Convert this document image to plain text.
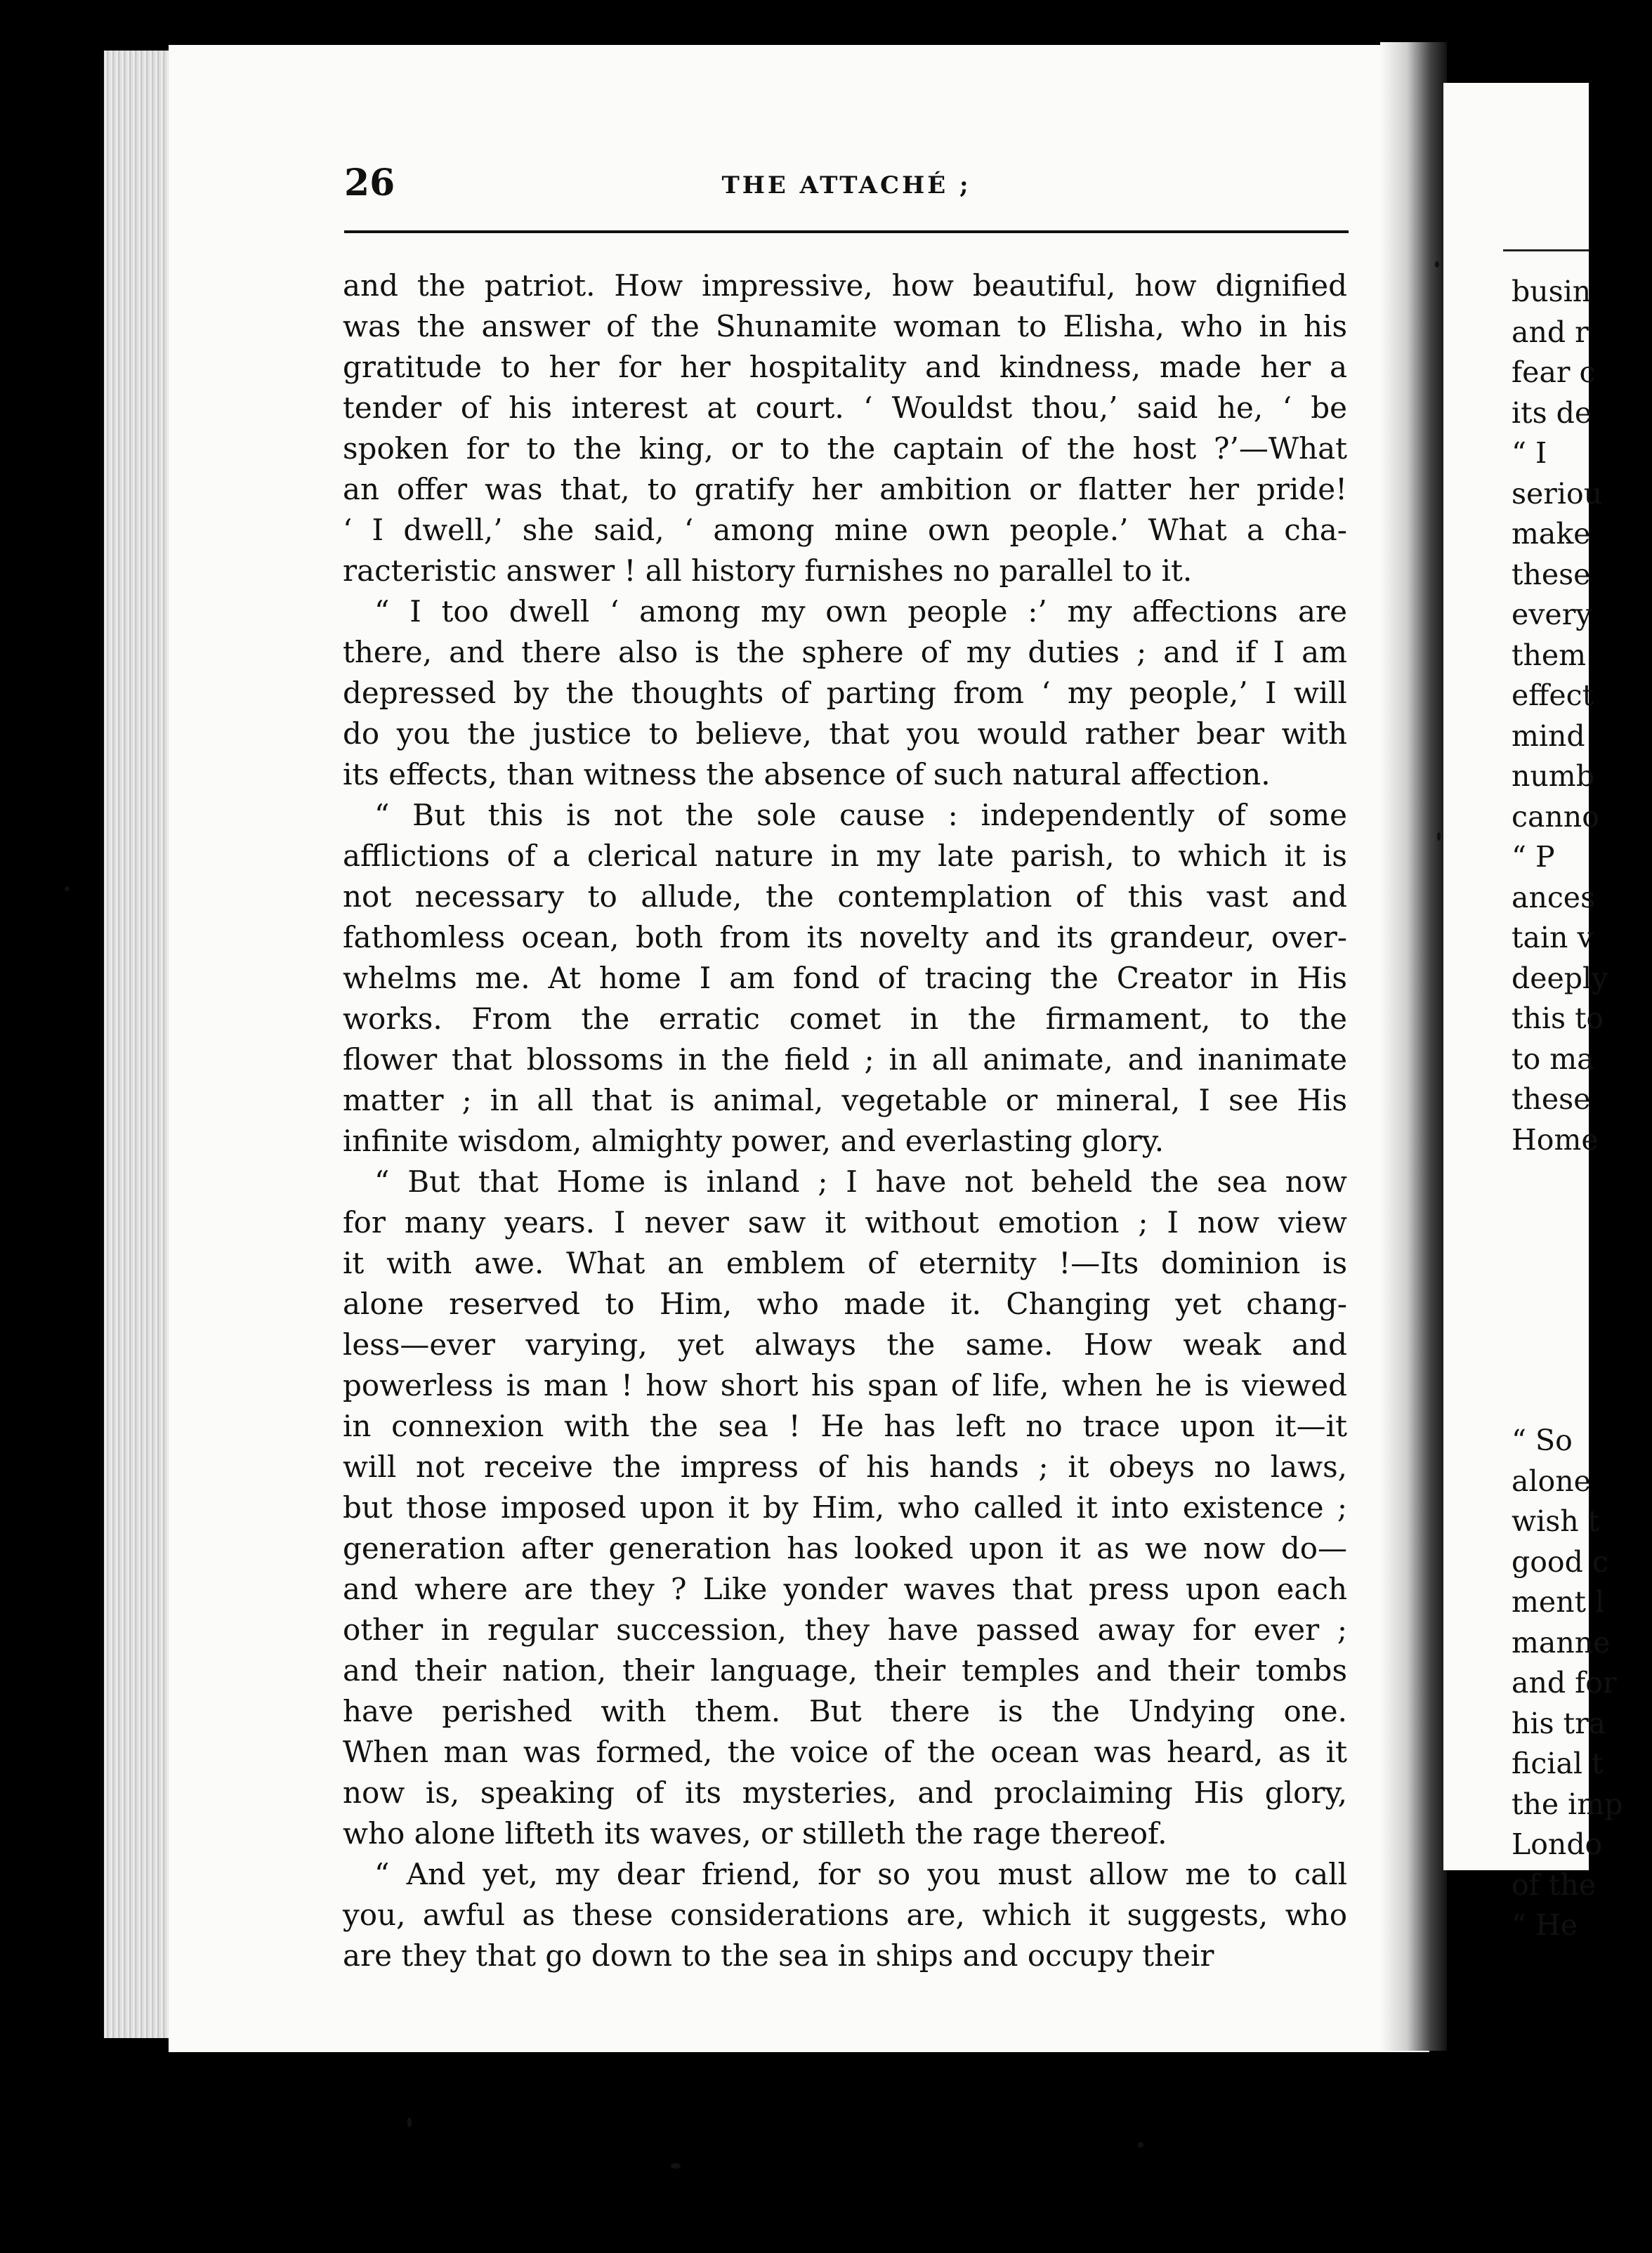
26	THE ATTACHÉ ;
and the patriot. How impressive, how beautiful, how dignified
was the answer of the Shunamite woman to Elisha, who in his
gratitude to her for her hospitality and kindness, made her a
tender of his interest at court. ‘ Wouldst thou,’ said he, ‘ be
spoken for to the king, or to the captain of the host ?’—What
an offer was that, to gratify her ambition or flatter her pride!
‘ I dwell,’ she said, ‘ among mine own people.’ What a cha-
racteristic answer ! all history furnishes no parallel to it.
“ I too dwell ‘ among my own people :’ my affections are
there, and there also is the sphere of my duties ; and if I am
depressed by the thoughts of parting from ‘ my people,’ I will
do you the justice to believe, that you would rather bear with
its effects, than witness the absence of such natural affection.
“ But this is not the sole cause : independently of some
afflictions of a clerical nature in my late parish, to which it is
not necessary to allude, the contemplation of this vast and
fathomless ocean, both from its novelty and its grandeur, over-
whelms me. At home I am fond of tracing the Creator in His
works. From the erratic comet in the firmament, to the
flower that blossoms in the field ; in all animate, and inanimate
matter ; in all that is animal, vegetable or mineral, I see His
infinite wisdom, almighty power, and everlasting glory.
“ But that Home is inland ; I have not beheld the sea now
for many years. I never saw it without emotion ; I now view
it with awe. What an emblem of eternity !—Its dominion is
alone reserved to Him, who made it. Changing yet chang-
less—ever varying, yet always the same. How weak and
powerless is man ! how short his span of life, when he is viewed
in connexion with the sea ! He has left no trace upon it—it
will not receive the impress of his hands ; it obeys no laws,
but those imposed upon it by Him, who called it into existence ;
generation after generation has looked upon it as we now do—
and where are they ? Like yonder waves that press upon each
other in regular succession, they have passed away for ever ;
and their nation, their language, their temples and their tombs
have perished with them. But there is the Undying one.
When man was formed, the voice of the ocean was heard, as it
now is, speaking of its mysteries, and proclaiming His glory,
who alone lifteth its waves, or stilleth the rage thereof.
“ And yet, my dear friend, for so you must allow me to call
you, awful as these considerations are, which it suggests, who
are they that go down to the sea in ships and occupy their
busin
and r
fear c
its de
“ I
seriou
make
these
every
them
effect
mind
numb
canno
“ P
ances
tain v
deeply
this to
to ma
these
Home
“ So
alone
wish t
good c
ment l
manne
and for
his tra
ficial t
the imp
Londo
of the
“ He
